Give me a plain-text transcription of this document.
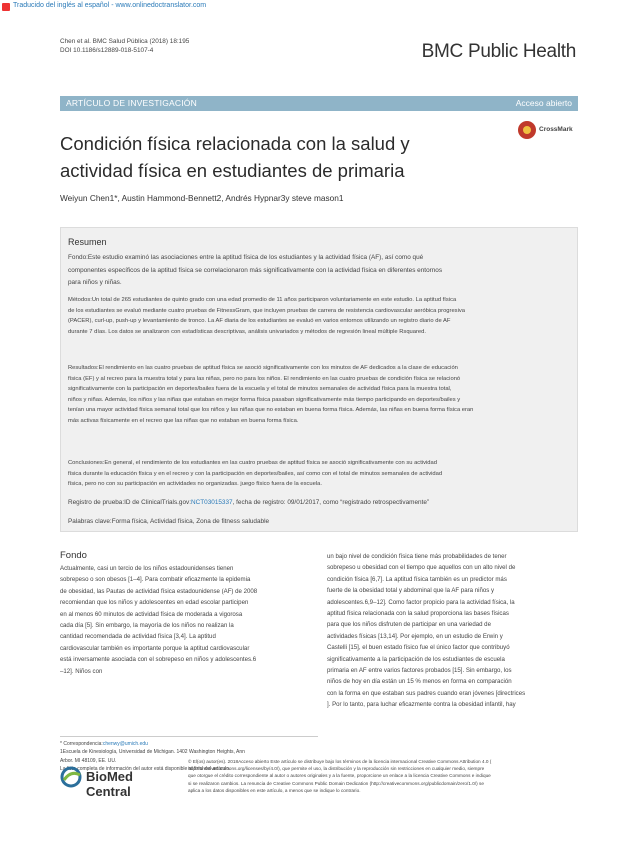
Traducido del inglés al español - www.onlinedoctranslator.com
Chen et al. BMC Salud Pública (2018) 18:195
DOI 10.1186/s12889-018-5107-4	BMC Public Health
ARTÍCULO DE INVESTIGACIÓN	Acceso abierto
Condición física relacionada con la salud y
actividad física en estudiantes de primaria
CrossMark
Weiyun Chen1*, Austin Hammond-Bennett2, Andrés Hypnar3y steve mason1
Resumen
Fondo:Este estudio examinó las asociaciones entre la aptitud física de los estudiantes y la actividad física (AF), así como qué
componentes específicos de la aptitud física se correlacionaron más significativamente con la actividad física en diferentes entornos
para niños y niñas.
Métodos:Un total de 265 estudiantes de quinto grado con una edad promedio de 11 años participaron voluntariamente en este estudio. La aptitud física
de los estudiantes se evaluó mediante cuatro pruebas de FitnessGram, que incluyen pruebas de carrera de resistencia cardiovascular aeróbica progresiva
(PACER), curl-up, push-up y levantamiento de tronco. La AF diaria de los estudiantes se evaluó en varios entornos utilizando un registro diario de AF
durante 7 días. Los datos se analizaron con estadísticas descriptivas, análisis univariados y métodos de regresión lineal múltiple Rsquared.
Resultados:El rendimiento en las cuatro pruebas de aptitud física se asoció significativamente con los minutos de AF dedicados a la clase de educación
física (EF) y al recreo para la muestra total y para las niñas, pero no para los niños. El rendimiento en las cuatro pruebas de condición física se relacionó
significativamente con la participación en deportes/bailes fuera de la escuela y el total de minutos semanales de actividad física para la muestra total,
niños y niñas. Además, los niños y las niñas que estaban en mejor forma física pasaban significativamente más tiempo participando en deportes/bailes y
tenían una mayor actividad física semanal total que los niños y las niñas que no estaban en buena forma física. Además, las niñas en buena forma física eran
más activas físicamente en el recreo que las niñas que no estaban en buena forma física.
Conclusiones:En general, el rendimiento de los estudiantes en las cuatro pruebas de aptitud física se asoció significativamente con su actividad
física durante la educación física y en el recreo y con la participación en deportes/bailes, así como con el total de minutos semanales de actividad
física, pero no con su participación en actividades no organizadas. juego físico fuera de la escuela.
Registro de prueba:ID de ClinicalTrials.gov:NCT03015337, fecha de registro: 09/01/2017, como “registrado retrospectivamente”
Palabras clave:Forma física, Actividad física, Zona de fitness saludable
Fondo
Actualmente, casi un tercio de los niños estadounidenses tienen
sobrepeso o son obesos [1–4]. Para combatir eficazmente la epidemia
de obesidad, las Pautas de actividad física estadounidense (AF) de 2008
recomiendan que los niños y adolescentes en edad escolar participen
en al menos 60 minutos de actividad física de moderada a vigorosa
cada día [5]. Sin embargo, la mayoría de los niños no realizan la
cantidad recomendada de actividad física [3,4]. La aptitud
cardiovascular también es importante porque la aptitud cardiovascular
está inversamente asociada con el sobrepeso en niños y adolescentes.6
–12]. Niños con
un bajo nivel de condición física tiene más probabilidades de tener
sobrepeso u obesidad con el tiempo que aquellos con un alto nivel de
condición física [6,7]. La aptitud física también es un predictor más
fuerte de la obesidad total y abdominal que la AF para niños y
adolescentes.6,9–12]. Como factor propicio para la actividad física, la
aptitud física relacionada con la salud proporciona las bases físicas
para que los niños disfruten de participar en una variedad de
actividades físicas [13,14]. Por ejemplo, en un estudio de Erwin y
Castelli [15], el buen estado físico fue el único factor que contribuyó
significativamente a la participación de los estudiantes de escuela
primaria en AF entre varios factores probados [15]. Sin embargo, los
niños de hoy en día están un 15 % menos en forma en comparación
con la forma en que estaban sus padres cuando eran jóvenes [directrices
]. Por lo tanto, para luchar eficazmente contra la obesidad infantil, hay
* Correspondencia:chenwy@umich.edu
1Escuela de Kinesiología, Universidad de Michigan. 1402 Washington Heights, Ann
Arbor. MI 48109, EE. UU.
La lista completa de información del autor está disponible al final del artículo.
BioMed Central
© El(os) autor(es). 2018Acceso abierto Este artículo se distribuye bajo los términos de la licencia internacional Creative Commons Attribution 4.0 (
http://creativecommons.org/licenses/by/4.0/), que permite el uso, la distribución y la reproducción sin restricciones en cualquier medio, siempre
que otorgue el crédito correspondiente al autor o autores originales y a la fuente, proporcione un enlace a la licencia Creative Commons e indique
si se realizaron cambios. La renuncia de Creative Commons Public Domain Dedication (http://creativecommons.org/publicdomain/zero/1.0/) se
aplica a los datos disponibles en este artículo, a menos que se indique lo contrario.
